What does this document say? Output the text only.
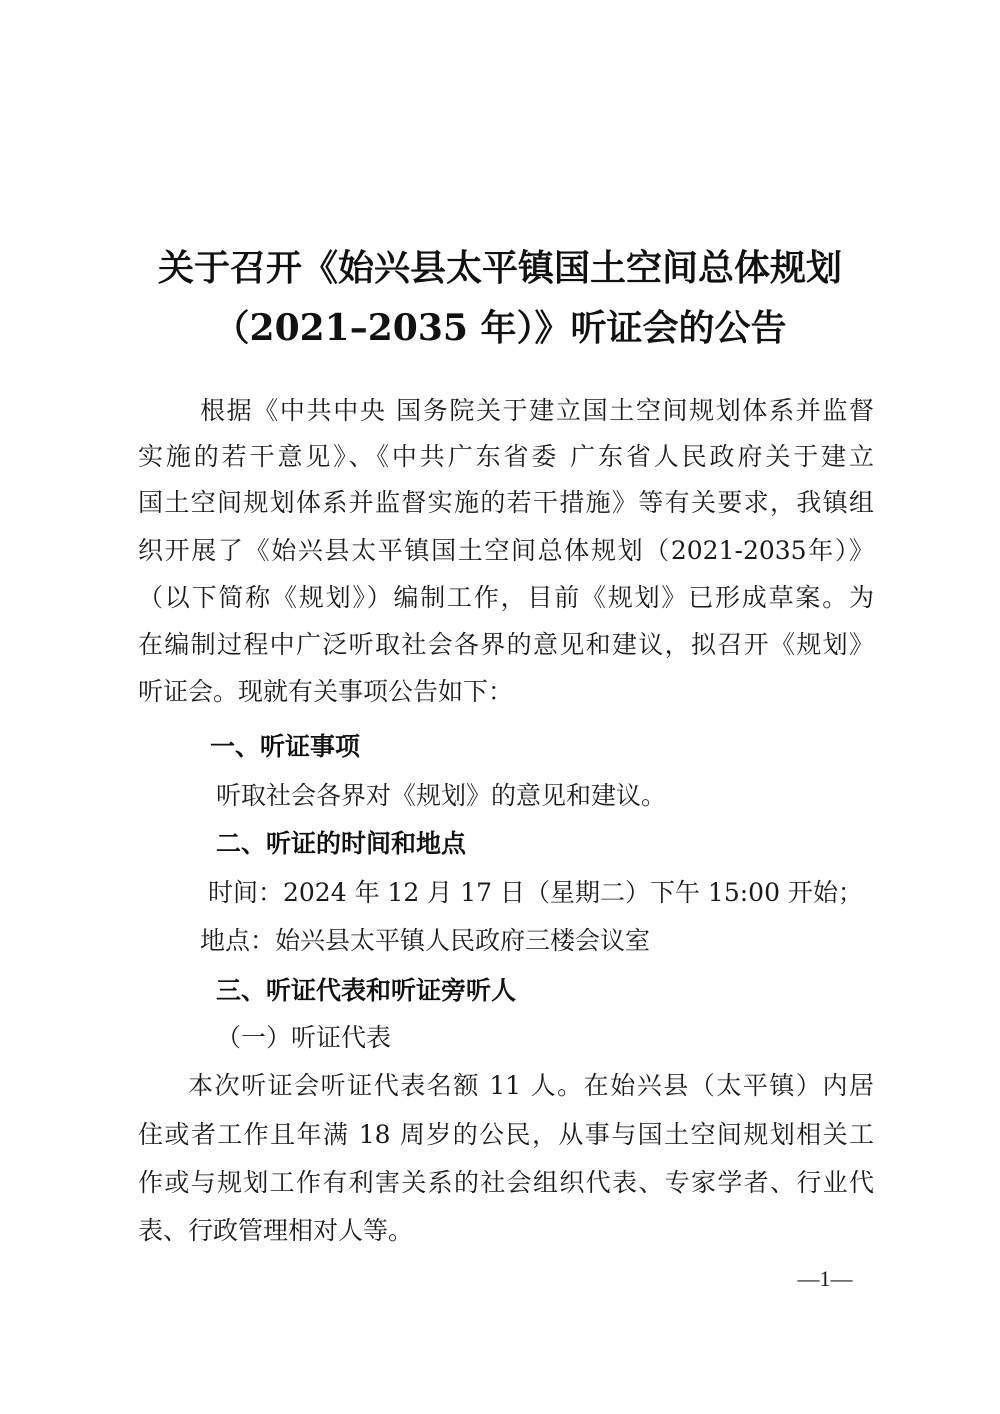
关于召开《始兴县太平镇国土空间总体规划
（2021–2035 年）》听证会的公告
根据《中共中央 国务院关于建立国土空间规划体系并监督
实施的若干意见》、《中共广东省委 广东省人民政府关于建立
国土空间规划体系并监督实施的若干措施》等有关要求，我镇组
织开展了《始兴县太平镇国土空间总体规划（2021-2035年）》
（以下简称《规划》）编制工作，目前《规划》已形成草案。为
在编制过程中广泛听取社会各界的意见和建议，拟召开《规划》
听证会。现就有关事项公告如下：
一、听证事项
听取社会各界对《规划》的意见和建议。
二、听证的时间和地点
时间：2024 年 12 月 17 日（星期二）下午 15:00 开始；
地点：始兴县太平镇人民政府三楼会议室
三、听证代表和听证旁听人
（一）听证代表
本次听证会听证代表名额 11 人。在始兴县（太平镇）内居
住或者工作且年满 18 周岁的公民，从事与国土空间规划相关工
作或与规划工作有利害关系的社会组织代表、专家学者、行业代
表、行政管理相对人等。
—1—
